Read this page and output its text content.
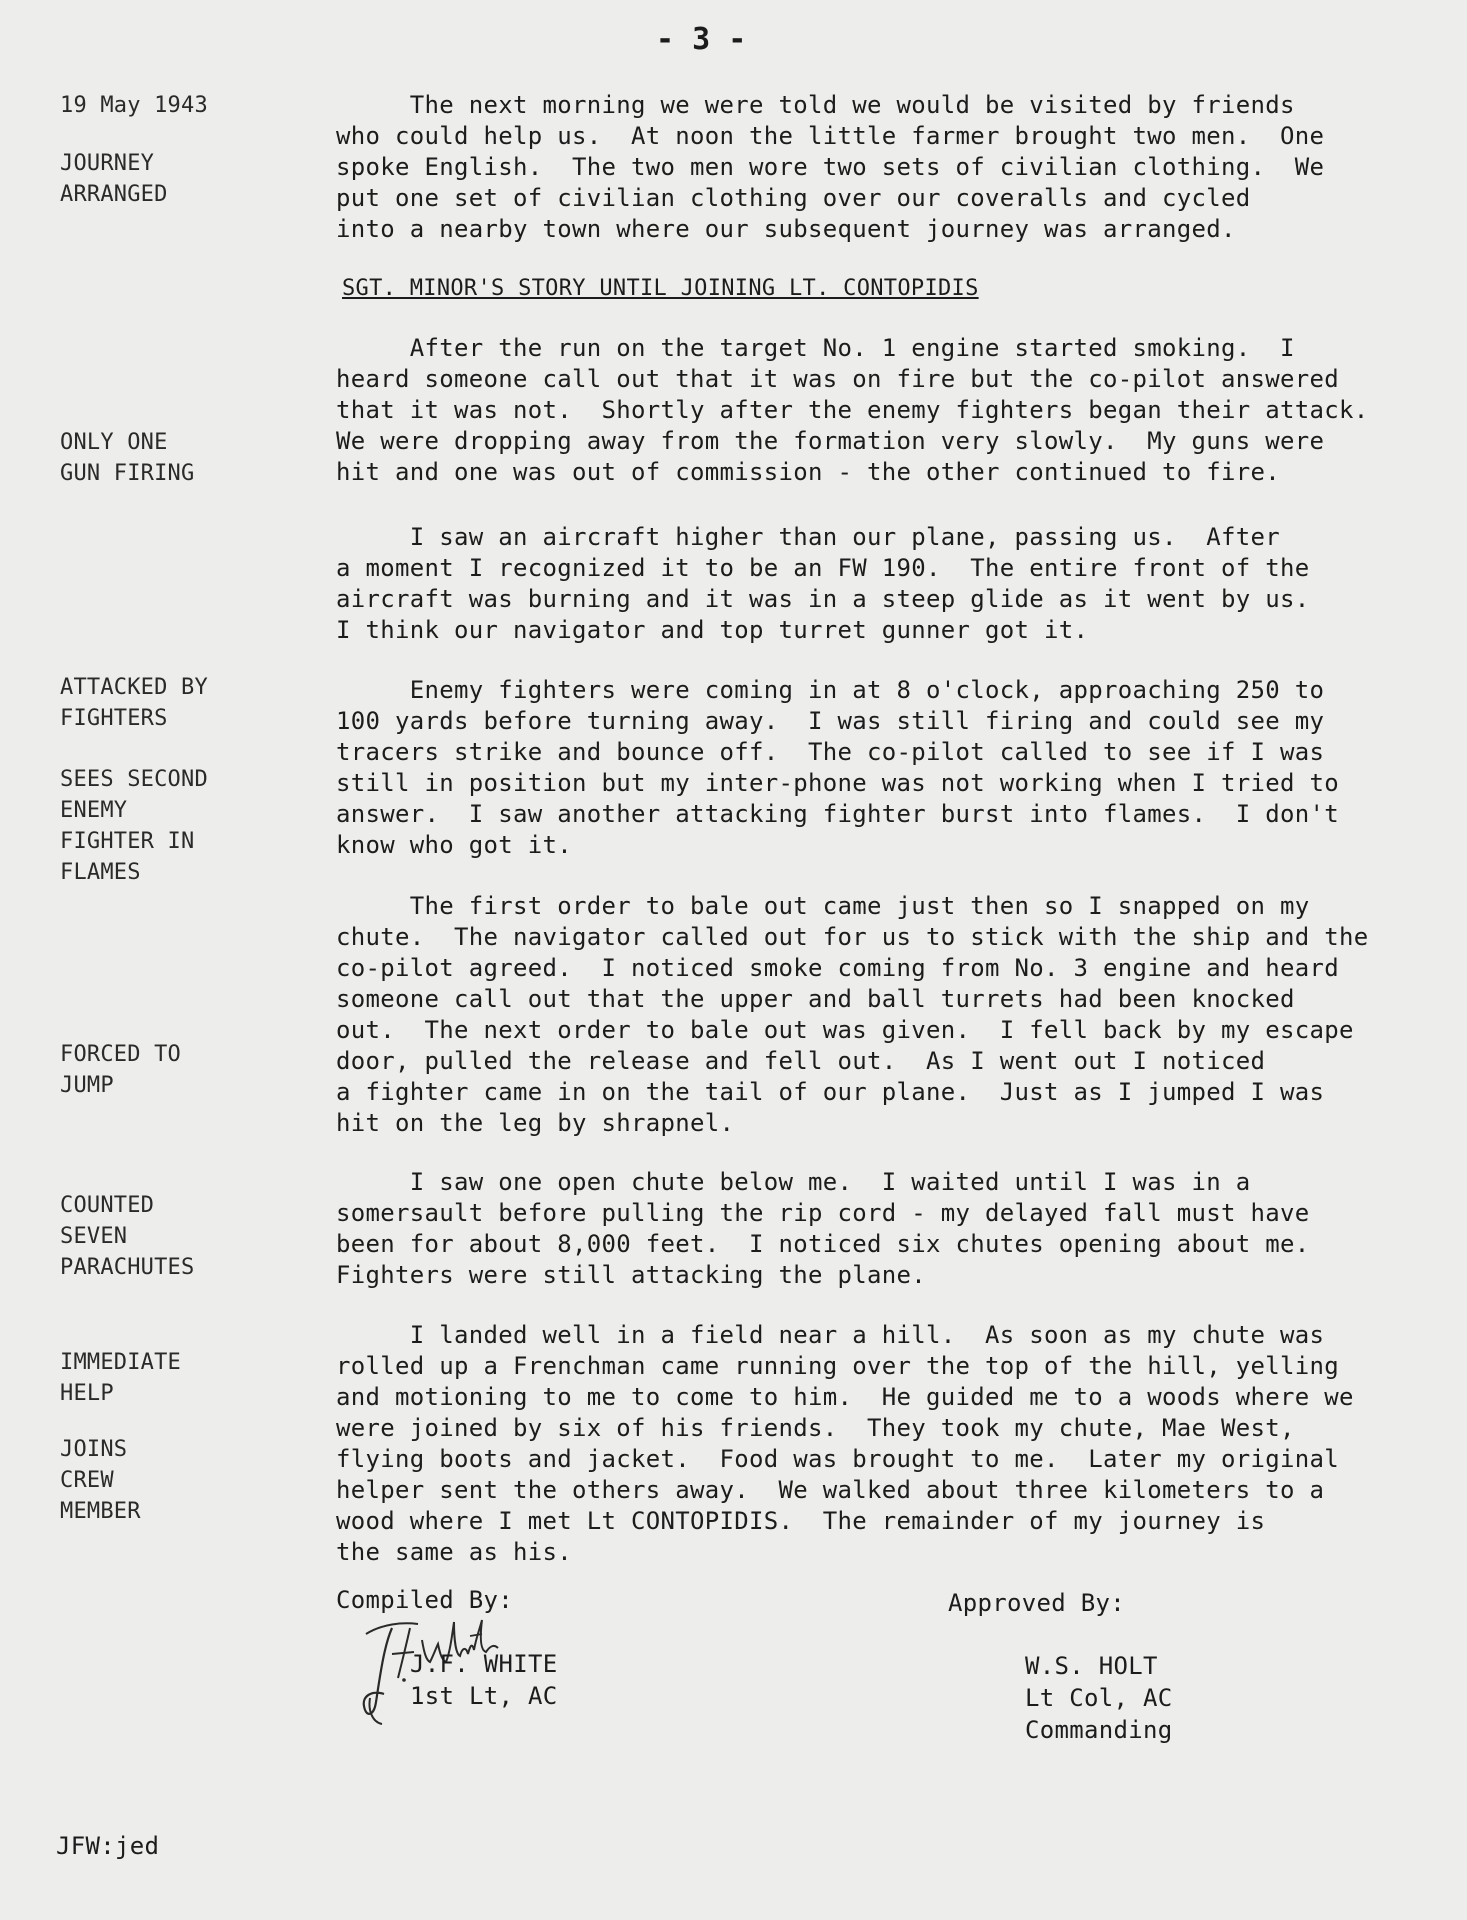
- 3 -
19 May 1943
JOURNEY
ARRANGED
ONLY ONE
GUN FIRING
ATTACKED BY
FIGHTERS
SEES SECOND
ENEMY
FIGHTER IN
FLAMES
FORCED TO
JUMP
COUNTED
SEVEN
PARACHUTES
IMMEDIATE
HELP
JOINS
CREW
MEMBER
SGT. MINOR'S STORY UNTIL JOINING LT. CONTOPIDIS
The next morning we were told we would be visited by friends
who could help us.  At noon the little farmer brought two men.  One
spoke English.  The two men wore two sets of civilian clothing.  We
put one set of civilian clothing over our coveralls and cycled
into a nearby town where our subsequent journey was arranged.
After the run on the target No. 1 engine started smoking.  I
heard someone call out that it was on fire but the co-pilot answered
that it was not.  Shortly after the enemy fighters began their attack.
We were dropping away from the formation very slowly.  My guns were
hit and one was out of commission - the other continued to fire.
I saw an aircraft higher than our plane, passing us.  After
a moment I recognized it to be an FW 190.  The entire front of the
aircraft was burning and it was in a steep glide as it went by us.
I think our navigator and top turret gunner got it.
Enemy fighters were coming in at 8 o'clock, approaching 250 to
100 yards before turning away.  I was still firing and could see my
tracers strike and bounce off.  The co-pilot called to see if I was
still in position but my inter-phone was not working when I tried to
answer.  I saw another attacking fighter burst into flames.  I don't
know who got it.
The first order to bale out came just then so I snapped on my
chute.  The navigator called out for us to stick with the ship and the
co-pilot agreed.  I noticed smoke coming from No. 3 engine and heard
someone call out that the upper and ball turrets had been knocked
out.  The next order to bale out was given.  I fell back by my escape
door, pulled the release and fell out.  As I went out I noticed
a fighter came in on the tail of our plane.  Just as I jumped I was
hit on the leg by shrapnel.
I saw one open chute below me.  I waited until I was in a
somersault before pulling the rip cord - my delayed fall must have
been for about 8,000 feet.  I noticed six chutes opening about me.
Fighters were still attacking the plane.
I landed well in a field near a hill.  As soon as my chute was
rolled up a Frenchman came running over the top of the hill, yelling
and motioning to me to come to him.  He guided me to a woods where we
were joined by six of his friends.  They took my chute, Mae West,
flying boots and jacket.  Food was brought to me.  Later my original
helper sent the others away.  We walked about three kilometers to a
wood where I met Lt CONTOPIDIS.  The remainder of my journey is
the same as his.
Compiled By:	Approved By:
J.F. WHITE
1st Lt, AC
W.S. HOLT
Lt Col, AC
Commanding
JFW:jed
